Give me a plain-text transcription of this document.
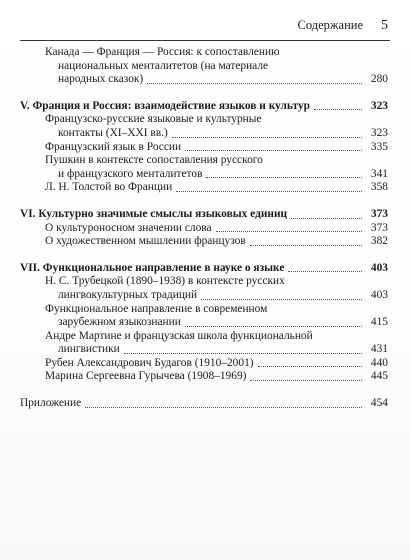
Содержание 5
Канада — Франция — Россия: к сопоставлению
национальных менталитетов (на материале
народных сказок)	280
V. Франция и Россия: взаимодействие языков и культур	323
Французско-русские языковые и культурные
контакты (XI–XXI вв.)	323
Французский язык в России	335
Пушкин в контексте сопоставления русского
и французского менталитетов	341
Л. Н. Толстой во Франции	358
VI. Культурно значимые смыслы языковых единиц	373
О культуроносном значении слова	373
О художественном мышлении французов	382
VII. Функциональное направление в науке о языке	403
Н. С. Трубецкой (1890–1938) в контексте русских
лингвокультурных традиций	403
Функциональное направление в современном
зарубежном языкознании	415
Андре Мартине и французская школа функциональной
лингвистики	431
Рубен Александрович Будагов (1910–2001)	440
Марина Сергеевна Гурычева (1908–1969)	445
Приложение	454
